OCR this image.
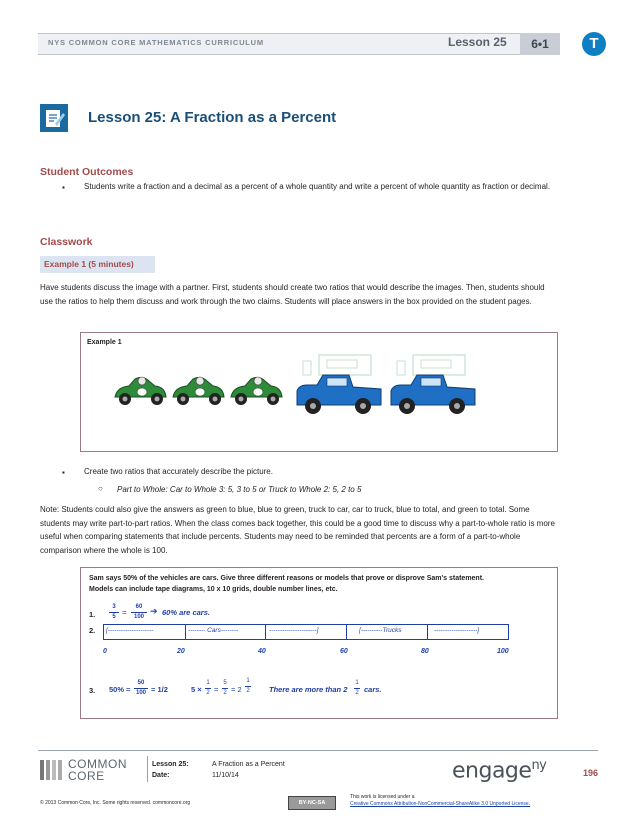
NYS COMMON CORE MATHEMATICS CURRICULUM	Lesson 25	6•1	T
Lesson 25: A Fraction as a Percent
Student Outcomes
▪ Students write a fraction and a decimal as a percent of a whole quantity and write a percent of whole quantity as fraction or decimal.
Classwork
Example 1 (5 minutes)
Have students discuss the image with a partner. First, students should create two ratios that would describe the images. Then, students should use the ratios to help them discuss and work through the two claims. Students will place answers in the box provided on the student pages.
Example 1
▪ Create two ratios that accurately describe the picture.
○ Part to Whole: Car to Whole 3: 5, 3 to 5 or Truck to Whole 2: 5, 2 to 5
Note: Students could also give the answers as green to blue, blue to green, truck to car, car to truck, blue to total, and green to total. Some students may write part-to-part ratios. When the class comes back together, this could be a good time to discuss why a part-to-whole ratio is more useful when comparing statements that include percents. Students may need to be reminded that percents are a form of a part-to-whole comparison where the whole is 100.
Sam says 50% of the vehicles are cars. Give three different reasons or models that prove or disprove Sam's statement.
Models can include tape diagrams, 10 x 10 grids, double number lines, etc.
1.
3
5 =
60
100
➔ 60% are cars.
2. [---------------------	-------- Cars--------	----------------------]	[----------Trucks	--------------------]
0	20	40	60	80	100
3. 50% =
50
100 = 1/2	5 ×
1
2 =
5
2 = 2
1
2	There are more than 2
1
2 cars.
COMMON
CORE
Lesson 25:	A Fraction as a Percent
Date:	11/10/14	engage$^{ny}$	196
© 2013 Common Core, Inc. Some rights reserved. commoncore.org	BY-NC-SA
This work is licensed under a
Creative Commons Attribution-NonCommercial-ShareAlike 3.0 Unported License.
